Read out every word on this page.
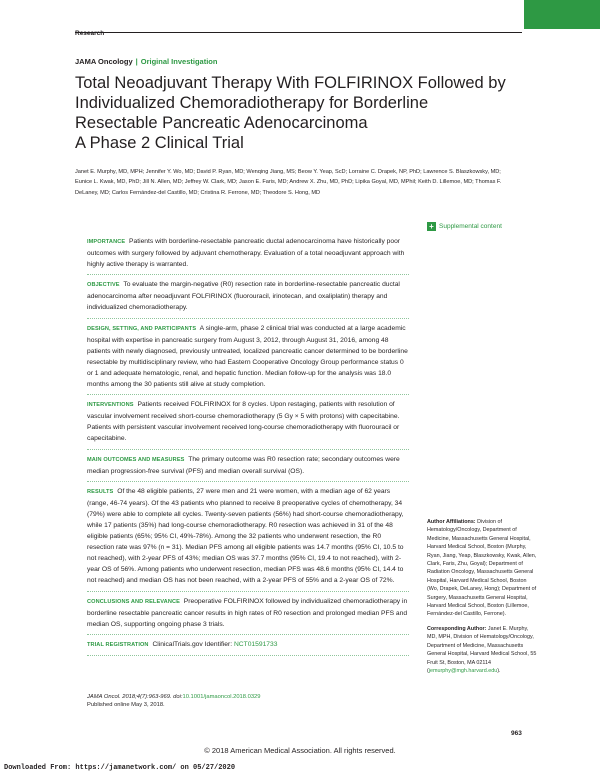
Research
JAMA Oncology | Original Investigation
Total Neoadjuvant Therapy With FOLFIRINOX Followed by Individualized Chemoradiotherapy for Borderline Resectable Pancreatic Adenocarcinoma
A Phase 2 Clinical Trial
Janet E. Murphy, MD, MPH; Jennifer Y. Wo, MD; David P. Ryan, MD; Wenqing Jiang, MS; Beow Y. Yeap, ScD; Lorraine C. Drapek, NP, PhD; Lawrence S. Blaszkowsky, MD; Eunice L. Kwak, MD, PhD; Jill N. Allen, MD; Jeffrey W. Clark, MD; Jason E. Faris, MD; Andrew X. Zhu, MD, PhD; Lipika Goyal, MD, MPhil; Keith D. Lillemoe, MD; Thomas F. DeLaney, MD; Carlos Fernández-del Castillo, MD; Cristina R. Ferrone, MD; Theodore S. Hong, MD
+ Supplemental content
IMPORTANCE Patients with borderline-resectable pancreatic ductal adenocarcinoma have historically poor outcomes with surgery followed by adjuvant chemotherapy. Evaluation of a total neoadjuvant approach with highly active therapy is warranted.
OBJECTIVE To evaluate the margin-negative (R0) resection rate in borderline-resectable pancreatic ductal adenocarcinoma after neoadjuvant FOLFIRINOX (fluorouracil, irinotecan, and oxaliplatin) therapy and individualized chemoradiotherapy.
DESIGN, SETTING, AND PARTICIPANTS A single-arm, phase 2 clinical trial was conducted at a large academic hospital with expertise in pancreatic surgery from August 3, 2012, through August 31, 2016, among 48 patients with newly diagnosed, previously untreated, localized pancreatic cancer determined to be borderline resectable by multidisciplinary review, who had Eastern Cooperative Oncology Group performance status 0 or 1 and adequate hematologic, renal, and hepatic function. Median follow-up for the analysis was 18.0 months among the 30 patients still alive at study completion.
INTERVENTIONS Patients received FOLFIRINOX for 8 cycles. Upon restaging, patients with resolution of vascular involvement received short-course chemoradiotherapy (5 Gy × 5 with protons) with capecitabine. Patients with persistent vascular involvement received long-course chemoradiotherapy with fluorouracil or capecitabine.
MAIN OUTCOMES AND MEASURES The primary outcome was R0 resection rate; secondary outcomes were median progression-free survival (PFS) and median overall survival (OS).
RESULTS Of the 48 eligible patients, 27 were men and 21 were women, with a median age of 62 years (range, 46-74 years). Of the 43 patients who planned to receive 8 preoperative cycles of chemotherapy, 34 (79%) were able to complete all cycles. Twenty-seven patients (56%) had short-course chemoradiotherapy, while 17 patients (35%) had long-course chemoradiotherapy. R0 resection was achieved in 31 of the 48 eligible patients (65%; 95% CI, 49%-78%). Among the 32 patients who underwent resection, the R0 resection rate was 97% (n = 31). Median PFS among all eligible patients was 14.7 months (95% CI, 10.5 to not reached), with 2-year PFS of 43%; median OS was 37.7 months (95% CI, 19.4 to not reached), with 2-year OS of 56%. Among patients who underwent resection, median PFS was 48.6 months (95% CI, 14.4 to not reached) and median OS has not been reached, with a 2-year PFS of 55% and a 2-year OS of 72%.
CONCLUSIONS AND RELEVANCE Preoperative FOLFIRINOX followed by individualized chemoradiotherapy in borderline resectable pancreatic cancer results in high rates of R0 resection and prolonged median PFS and median OS, supporting ongoing phase 3 trials.
TRIAL REGISTRATION ClinicalTrials.gov Identifier: NCT01591733
JAMA Oncol. 2018;4(7):963-969. doi:10.1001/jamaoncol.2018.0329
Published online May 3, 2018.

Author Affiliations: Division of Hematology/Oncology, Department of Medicine, Massachusetts General Hospital, Harvard Medical School, Boston (Murphy, Ryan, Jiang, Yeap, Blaszkowsky, Kwak, Allen, Clark, Faris, Zhu, Goyal); Department of Radiation Oncology, Massachusetts General Hospital, Harvard Medical School, Boston (Wo, Drapek, DeLaney, Hong); Department of Surgery, Massachusetts General Hospital, Harvard Medical School, Boston (Lillemoe, Fernández-del Castillo, Ferrone).

Corresponding Author: Janet E. Murphy, MD, MPH, Division of Hematology/Oncology, Department of Medicine, Massachusetts General Hospital, Harvard Medical School, 55 Fruit St, Boston, MA 02114 (jemurphy@mgh.harvard.edu).

963
© 2018 American Medical Association. All rights reserved.
Downloaded From: https://jamanetwork.com/ on 05/27/2020
